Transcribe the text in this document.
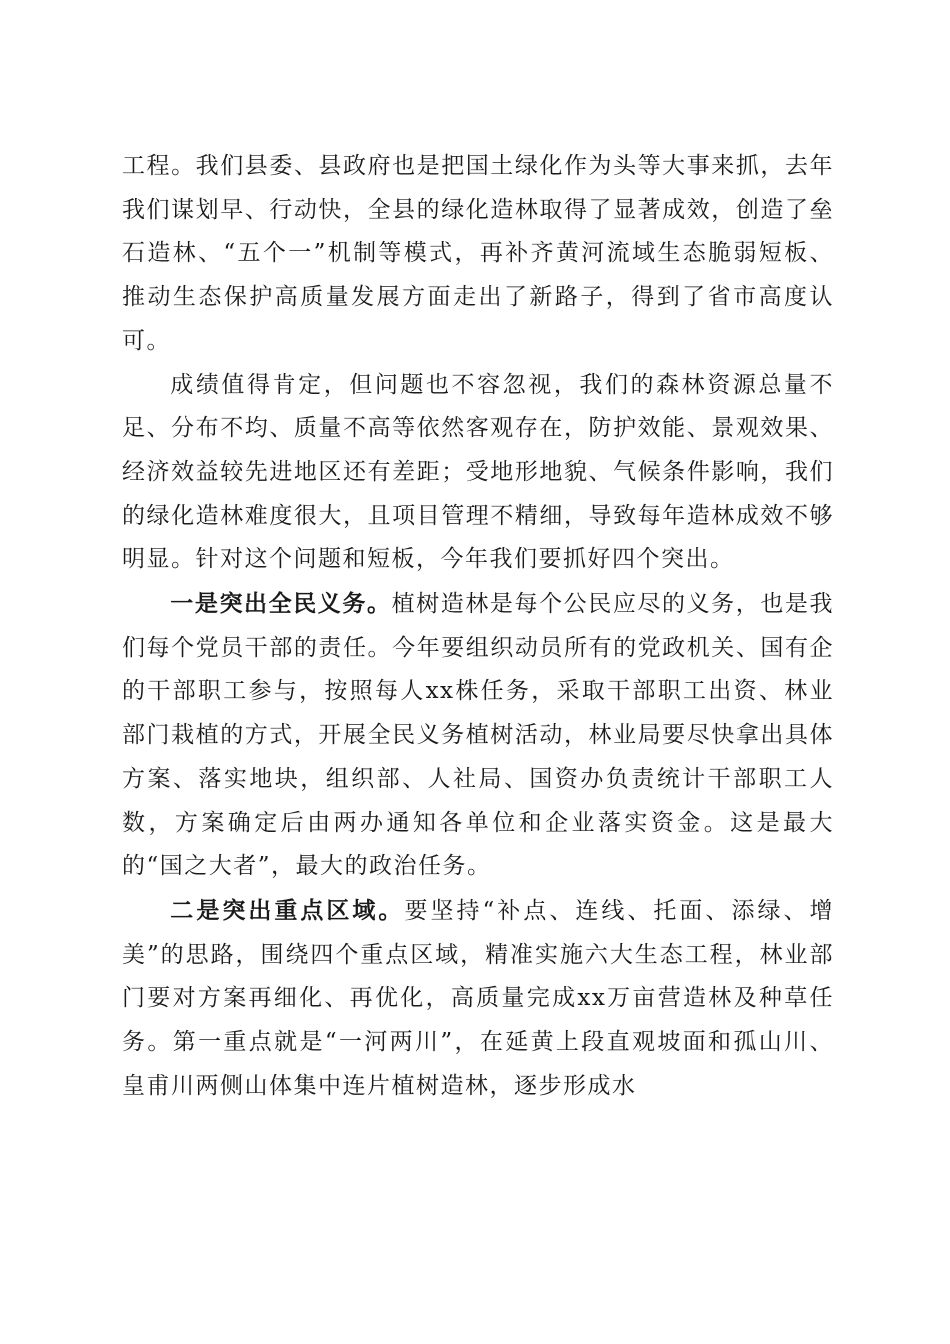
工程。我们县委、县政府也是把国土绿化作为头等大事来抓，去年我们谋划早、行动快，全县的绿化造林取得了显著成效，创造了垒石造林、“五个一”机制等模式，再补齐黄河流域生态脆弱短板、推动生态保护高质量发展方面走出了新路子，得到了省市高度认可。

成绩值得肯定，但问题也不容忽视，我们的森林资源总量不足、分布不均、质量不高等依然客观存在，防护效能、景观效果、经济效益较先进地区还有差距；受地形地貌、气候条件影响，我们的绿化造林难度很大，且项目管理不精细，导致每年造林成效不够明显。针对这个问题和短板，今年我们要抓好四个突出。

一是突出全民义务。植树造林是每个公民应尽的义务，也是我们每个党员干部的责任。今年要组织动员所有的党政机关、国有企的干部职工参与，按照每人xx株任务，采取干部职工出资、林业部门栽植的方式，开展全民义务植树活动，林业局要尽快拿出具体方案、落实地块，组织部、人社局、国资办负责统计干部职工人数，方案确定后由两办通知各单位和企业落实资金。这是最大的“国之大者”，最大的政治任务。

二是突出重点区域。要坚持“补点、连线、托面、添绿、增美”的思路，围绕四个重点区域，精准实施六大生态工程，林业部门要对方案再细化、再优化，高质量完成xx万亩营造林及种草任务。第一重点就是“一河两川”，在延黄上段直观坡面和孤山川、皇甫川两侧山体集中连片植树造林，逐步形成水
